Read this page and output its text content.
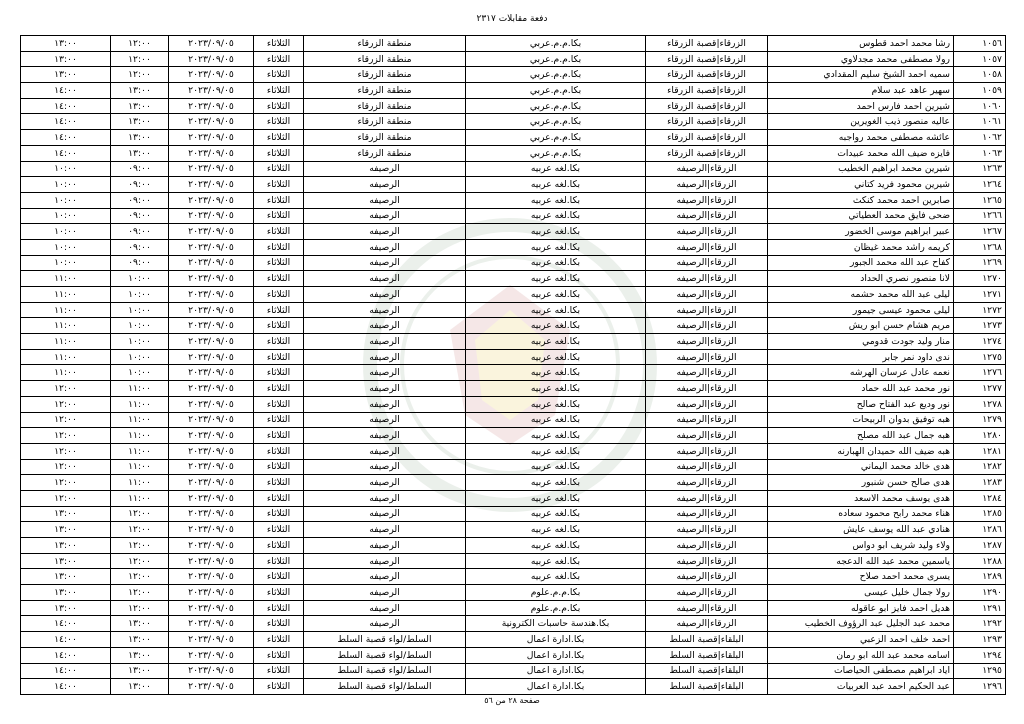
دفعة مقابلات ٢٣١٧
١٠٥٦	رشا محمد احمد قطوس	الزرقاء|قصبة الزرقاء	بكا.م.م.عربي	منطقة الزرقاء	الثلاثاء	٢٠٢٣/٠٩/٠٥	١٢:٠٠	١٣:٠٠
١٠٥٧	رولا مصطفى محمد مجدلاوي	الزرقاء|قصبة الزرقاء	بكا.م.م.عربي	منطقة الزرقاء	الثلاثاء	٢٠٢٣/٠٩/٠٥	١٢:٠٠	١٣:٠٠
١٠٥٨	سميه احمد الشيخ سليم المقدادي	الزرقاء|قصبة الزرقاء	بكا.م.م.عربي	منطقة الزرقاء	الثلاثاء	٢٠٢٣/٠٩/٠٥	١٢:٠٠	١٣:٠٠
١٠٥٩	سهير عاهد عبد سلام	الزرقاء|قصبة الزرقاء	بكا.م.م.عربي	منطقة الزرقاء	الثلاثاء	٢٠٢٣/٠٩/٠٥	١٣:٠٠	١٤:٠٠
١٠٦٠	شيرين احمد فارس احمد	الزرقاء|قصبة الزرقاء	بكا.م.م.عربي	منطقة الزرقاء	الثلاثاء	٢٠٢٣/٠٩/٠٥	١٣:٠٠	١٤:٠٠
١٠٦١	عاليه منصور ذيب الغويرين	الزرقاء|قصبة الزرقاء	بكا.م.م.عربي	منطقة الزرقاء	الثلاثاء	٢٠٢٣/٠٩/٠٥	١٣:٠٠	١٤:٠٠
١٠٦٢	عائشه مصطفى محمد رواجبه	الزرقاء|قصبة الزرقاء	بكا.م.م.عربي	منطقة الزرقاء	الثلاثاء	٢٠٢٣/٠٩/٠٥	١٣:٠٠	١٤:٠٠
١٠٦٣	فايزه ضيف الله محمد عبيدات	الزرقاء|قصبة الزرقاء	بكا.م.م.عربي	منطقة الزرقاء	الثلاثاء	٢٠٢٣/٠٩/٠٥	١٣:٠٠	١٤:٠٠
١٢٦٣	شيرين محمد ابراهيم الخطيب	الزرقاء|الرصيفه	بكا.لغه عربيه	الرصيفه	الثلاثاء	٢٠٢٣/٠٩/٠٥	٠٩:٠٠	١٠:٠٠
١٢٦٤	شيرين محمود فريد كتاني	الزرقاء|الرصيفه	بكا.لغه عربيه	الرصيفه	الثلاثاء	٢٠٢٣/٠٩/٠٥	٠٩:٠٠	١٠:٠٠
١٢٦٥	صابرين احمد محمد كنكث	الزرقاء|الرصيفه	بكا.لغه عربيه	الرصيفه	الثلاثاء	٢٠٢٣/٠٩/٠٥	٠٩:٠٠	١٠:٠٠
١٢٦٦	ضحى فايق محمد العطياتي	الزرقاء|الرصيفه	بكا.لغه عربيه	الرصيفه	الثلاثاء	٢٠٢٣/٠٩/٠٥	٠٩:٠٠	١٠:٠٠
١٢٦٧	عبير ابراهيم موسى الخضور	الزرقاء|الرصيفه	بكا.لغه عربيه	الرصيفه	الثلاثاء	٢٠٢٣/٠٩/٠٥	٠٩:٠٠	١٠:٠٠
١٢٦٨	كريمه راشد محمد غيظان	الزرقاء|الرصيفه	بكا.لغه عربيه	الرصيفه	الثلاثاء	٢٠٢٣/٠٩/٠٥	٠٩:٠٠	١٠:٠٠
١٢٦٩	كفاح عبد الله محمد الجبور	الزرقاء|الرصيفه	بكا.لغه عربيه	الرصيفه	الثلاثاء	٢٠٢٣/٠٩/٠٥	٠٩:٠٠	١٠:٠٠
١٢٧٠	لانا منصور نصري الحداد	الزرقاء|الرصيفه	بكا.لغه عربيه	الرصيفه	الثلاثاء	٢٠٢٣/٠٩/٠٥	١٠:٠٠	١١:٠٠
١٢٧١	ليلى عبد الله محمد حشمه	الزرقاء|الرصيفه	بكا.لغه عربيه	الرصيفه	الثلاثاء	٢٠٢٣/٠٩/٠٥	١٠:٠٠	١١:٠٠
١٢٧٢	ليلى محمود عيسى جيمور	الزرقاء|الرصيفه	بكا.لغه عربيه	الرصيفه	الثلاثاء	٢٠٢٣/٠٩/٠٥	١٠:٠٠	١١:٠٠
١٢٧٣	مريم هشام حسن ابو ريش	الزرقاء|الرصيفه	بكا.لغه عربيه	الرصيفه	الثلاثاء	٢٠٢٣/٠٩/٠٥	١٠:٠٠	١١:٠٠
١٢٧٤	منار وليد جودت قدومي	الزرقاء|الرصيفه	بكا.لغه عربيه	الرصيفه	الثلاثاء	٢٠٢٣/٠٩/٠٥	١٠:٠٠	١١:٠٠
١٢٧٥	ندى داود نمر جابر	الزرقاء|الرصيفه	بكا.لغه عربيه	الرصيفه	الثلاثاء	٢٠٢٣/٠٩/٠٥	١٠:٠٠	١١:٠٠
١٢٧٦	نعمه عادل عرسان الهرشه	الزرقاء|الرصيفه	بكا.لغه عربيه	الرصيفه	الثلاثاء	٢٠٢٣/٠٩/٠٥	١٠:٠٠	١١:٠٠
١٢٧٧	نور محمد عبد الله حماد	الزرقاء|الرصيفه	بكا.لغه عربيه	الرصيفه	الثلاثاء	٢٠٢٣/٠٩/٠٥	١١:٠٠	١٢:٠٠
١٢٧٨	نور وديع عبد الفتاح صالح	الزرقاء|الرصيفه	بكا.لغه عربيه	الرصيفه	الثلاثاء	٢٠٢٣/٠٩/٠٥	١١:٠٠	١٢:٠٠
١٢٧٩	هبه توفيق بدوان الربيحات	الزرقاء|الرصيفه	بكا.لغه عربيه	الرصيفه	الثلاثاء	٢٠٢٣/٠٩/٠٥	١١:٠٠	١٢:٠٠
١٢٨٠	هبه جمال عبد الله مصلح	الزرقاء|الرصيفه	بكا.لغه عربيه	الرصيفه	الثلاثاء	٢٠٢٣/٠٩/٠٥	١١:٠٠	١٢:٠٠
١٢٨١	هبه ضيف الله حميدان الهبارنه	الزرقاء|الرصيفه	بكا.لغه عربيه	الرصيفه	الثلاثاء	٢٠٢٣/٠٩/٠٥	١١:٠٠	١٢:٠٠
١٢٨٢	هدى خالد محمد اليماني	الزرقاء|الرصيفه	بكا.لغه عربيه	الرصيفه	الثلاثاء	٢٠٢٣/٠٩/٠٥	١١:٠٠	١٢:٠٠
١٢٨٣	هدى صالح حسن شنبور	الزرقاء|الرصيفه	بكا.لغه عربيه	الرصيفه	الثلاثاء	٢٠٢٣/٠٩/٠٥	١١:٠٠	١٢:٠٠
١٢٨٤	هدى يوسف محمد الاسعد	الزرقاء|الرصيفه	بكا.لغه عربيه	الرصيفه	الثلاثاء	٢٠٢٣/٠٩/٠٥	١١:٠٠	١٢:٠٠
١٢٨٥	هناء محمد رابح محمود سعاده	الزرقاء|الرصيفه	بكا.لغه عربيه	الرصيفه	الثلاثاء	٢٠٢٣/٠٩/٠٥	١٢:٠٠	١٣:٠٠
١٢٨٦	هنادي عبد الله يوسف عايش	الزرقاء|الرصيفه	بكا.لغه عربيه	الرصيفه	الثلاثاء	٢٠٢٣/٠٩/٠٥	١٢:٠٠	١٣:٠٠
١٢٨٧	ولاء وليد شريف ابو دواس	الزرقاء|الرصيفه	بكا.لغه عربيه	الرصيفه	الثلاثاء	٢٠٢٣/٠٩/٠٥	١٢:٠٠	١٣:٠٠
١٢٨٨	ياسمين محمد عبد الله الدعجه	الزرقاء|الرصيفه	بكا.لغه عربيه	الرصيفه	الثلاثاء	٢٠٢٣/٠٩/٠٥	١٢:٠٠	١٣:٠٠
١٢٨٩	يسرى محمد احمد صلاح	الزرقاء|الرصيفه	بكا.لغه عربيه	الرصيفه	الثلاثاء	٢٠٢٣/٠٩/٠٥	١٢:٠٠	١٣:٠٠
١٢٩٠	رولا جمال خليل عيسى	الزرقاء|الرصيفه	بكا.م.م.علوم	الرصيفه	الثلاثاء	٢٠٢٣/٠٩/٠٥	١٢:٠٠	١٣:٠٠
١٢٩١	هديل احمد فايز ابو عاقوله	الزرقاء|الرصيفه	بكا.م.م.علوم	الرصيفه	الثلاثاء	٢٠٢٣/٠٩/٠٥	١٢:٠٠	١٣:٠٠
١٢٩٢	محمد عبد الجليل عبد الرؤوف الخطيب	الزرقاء|الرصيفه	بكا.هندسة حاسبات الكترونية	الرصيفه	الثلاثاء	٢٠٢٣/٠٩/٠٥	١٣:٠٠	١٤:٠٠
١٢٩٣	احمد خلف احمد الزعبي	البلقاء|قصبة السلط	بكا.ادارة اعمال	السلط/لواء قصبة السلط	الثلاثاء	٢٠٢٣/٠٩/٠٥	١٣:٠٠	١٤:٠٠
١٢٩٤	اسامه محمد عبد الله ابو رمان	البلقاء|قصبة السلط	بكا.ادارة اعمال	السلط/لواء قصبة السلط	الثلاثاء	٢٠٢٣/٠٩/٠٥	١٣:٠٠	١٤:٠٠
١٢٩٥	اياد ابراهيم مصطفى الحياصات	البلقاء|قصبة السلط	بكا.ادارة اعمال	السلط/لواء قصبة السلط	الثلاثاء	٢٠٢٣/٠٩/٠٥	١٣:٠٠	١٤:٠٠
١٢٩٦	عبد الحكيم احمد عبد العربيات	البلقاء|قصبة السلط	بكا.ادارة اعمال	السلط/لواء قصبة السلط	الثلاثاء	٢٠٢٣/٠٩/٠٥	١٣:٠٠	١٤:٠٠
صفحة ٢٨ من ٥٦
